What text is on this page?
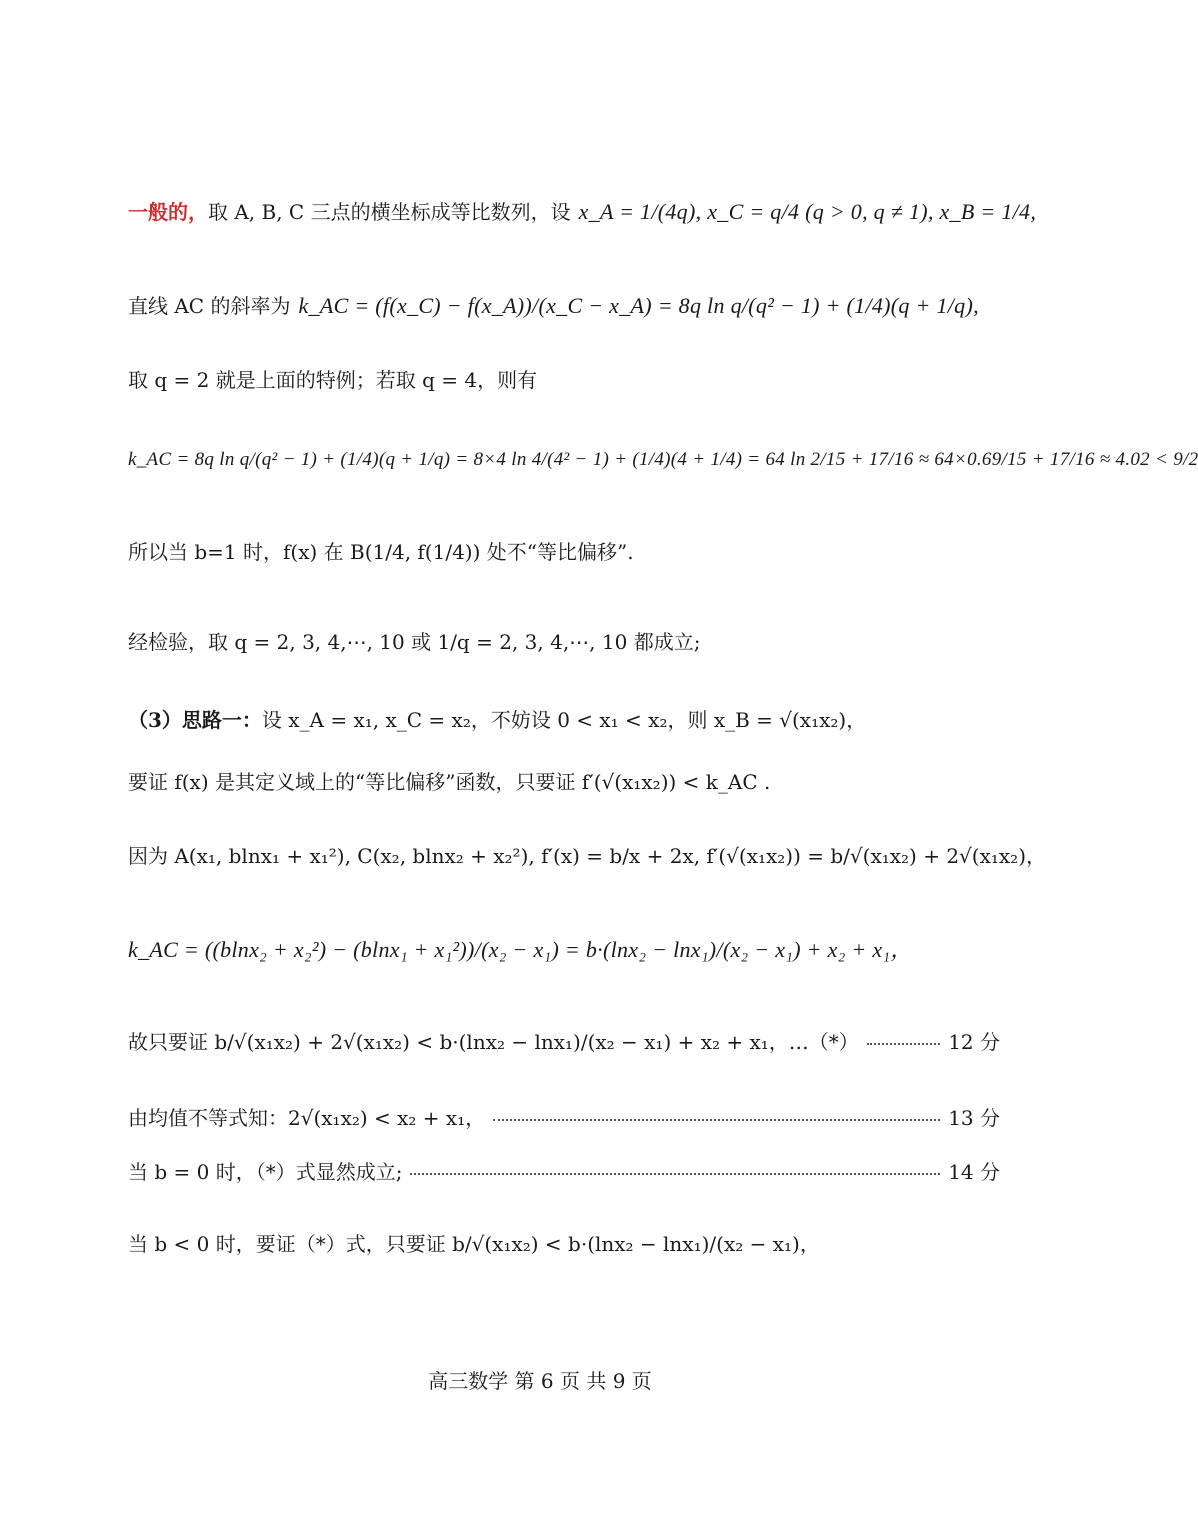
一般的， 取 A, B, C 三点的横坐标成等比数列，设 x_A = 1/(4q), x_C = q/4 (q > 0, q ≠ 1), x_B = 1/4,
直线 AC 的斜率为 k_AC = (f(x_C) − f(x_A))/(x_C − x_A) = 8q ln q/(q² − 1) + (1/4)(q + 1/q),
取 q = 2 就是上面的特例；若取 q = 4，则有
k_AC = 8q ln q/(q² − 1) + (1/4)(q + 1/q) = 8×4 ln 4/(4² − 1) + (1/4)(4 + 1/4) = 64 ln 2/15 + 17/16 ≈ 64×0.69/15 + 17/16 ≈ 4.02 < 9/2
所以当 b=1 时，f(x) 在 B(1/4, f(1/4)) 处不“等比偏移”.
经检验，取 q = 2, 3, 4,⋯, 10 或 1/q = 2, 3, 4,⋯, 10 都成立;
（3）思路一： 设 x_A = x₁, x_C = x₂，不妨设 0 < x₁ < x₂，则 x_B = √(x₁x₂)，
要证 f(x) 是其定义域上的“等比偏移”函数，只要证 f′(√(x₁x₂)) < k_AC .
因为 A(x₁, blnx₁ + x₁²), C(x₂, blnx₂ + x₂²), f′(x) = b/x + 2x, f′(√(x₁x₂)) = b/√(x₁x₂) + 2√(x₁x₂)，
k_AC = ((blnx₂ + x₂²) − (blnx₁ + x₁²))/(x₂ − x₁) = b·(lnx₂ − lnx₁)/(x₂ − x₁) + x₂ + x₁，
故只要证 b/√(x₁x₂) + 2√(x₁x₂) < b·(lnx₂ − lnx₁)/(x₂ − x₁) + x₂ + x₁，…（*）	12 分
由均值不等式知：2√(x₁x₂) < x₂ + x₁，	13 分
当 b = 0 时，（*）式显然成立;	14 分
当 b < 0 时，要证（*）式，只要证 b/√(x₁x₂) < b·(lnx₂ − lnx₁)/(x₂ − x₁)，
高三数学 第 6 页 共 9 页
